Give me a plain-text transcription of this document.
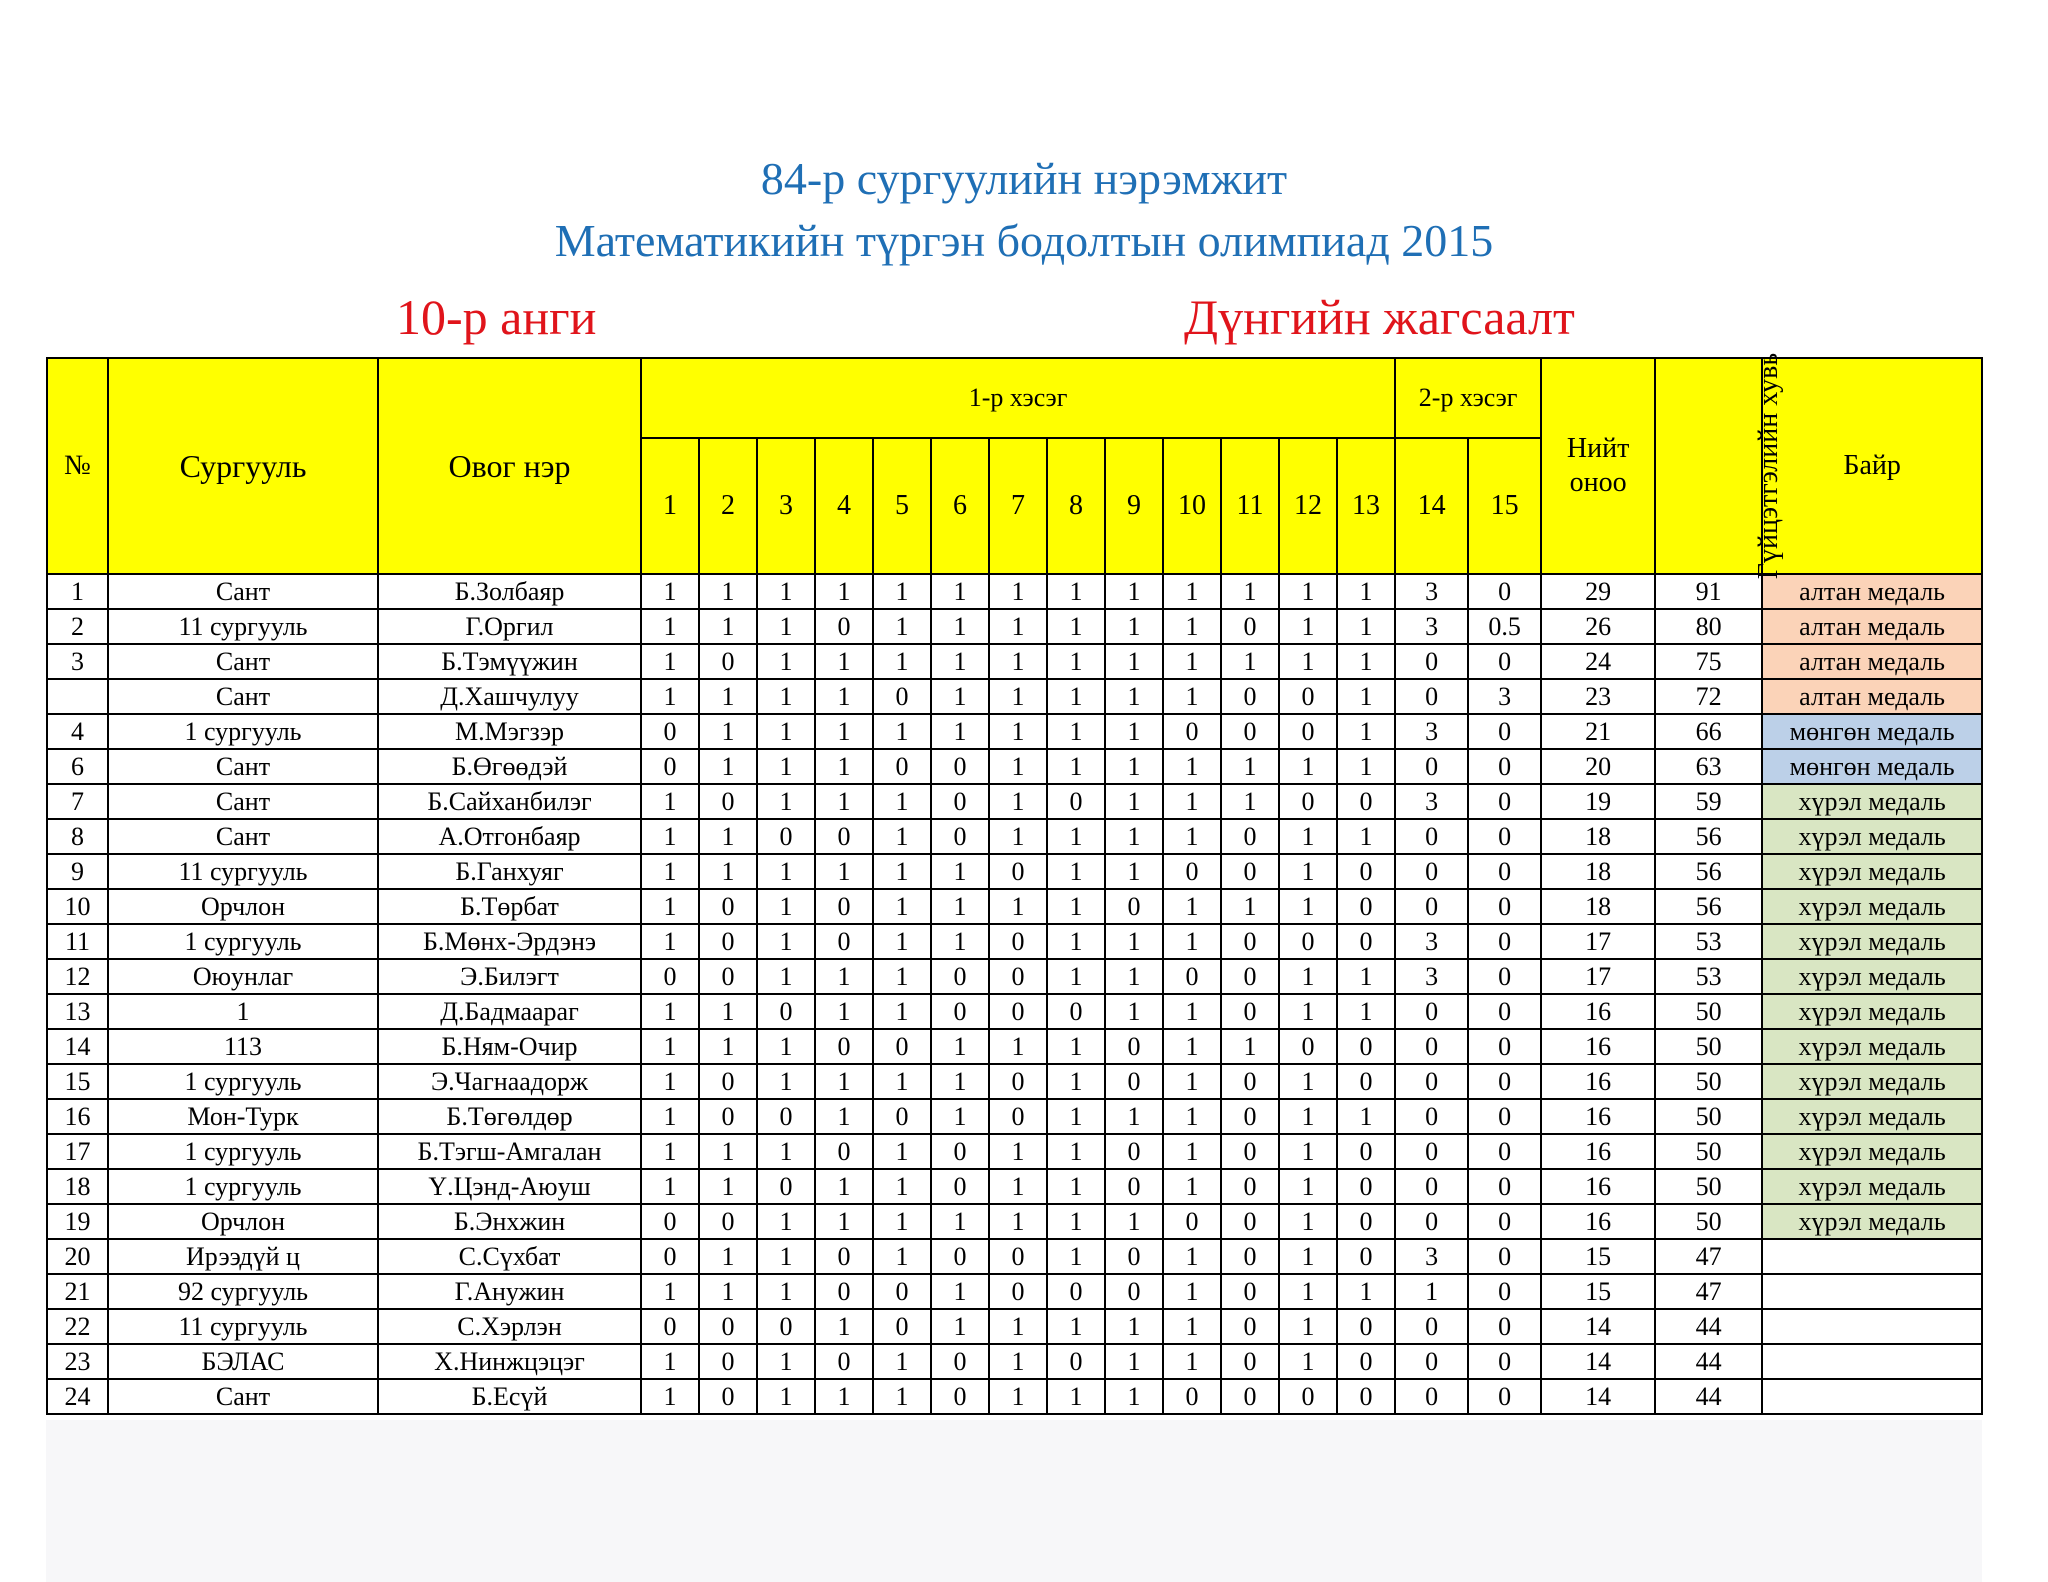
84-р сургуулийн нэрэмжит
Математикийн түргэн бодолтын олимпиад 2015
10-р анги	Дүнгийн жагсаалт
№	Сургууль	Овог нэр	1-р хэсэг													2-р хэсэг		Нийт оноо	Гүйцэтгэлийн хувь	Байр
			1	2	3	4	5	6	7	8	9	10	11	12	13	14	15			
1	Сант	Б.Золбаяр	1	1	1	1	1	1	1	1	1	1	1	1	1	3	0	29	91	алтан медаль
2	11 сургууль	Г.Оргил	1	1	1	0	1	1	1	1	1	1	0	1	1	3	0.5	26	80	алтан медаль
3	Сант	Б.Тэмүүжин	1	0	1	1	1	1	1	1	1	1	1	1	1	0	0	24	75	алтан медаль
	Сант	Д.Хашчулуу	1	1	1	1	0	1	1	1	1	1	0	0	1	0	3	23	72	алтан медаль
4	1 сургууль	М.Мэгзэр	0	1	1	1	1	1	1	1	1	0	0	0	1	3	0	21	66	мөнгөн медаль
6	Сант	Б.Өгөөдэй	0	1	1	1	0	0	1	1	1	1	1	1	1	0	0	20	63	мөнгөн медаль
7	Сант	Б.Сайханбилэг	1	0	1	1	1	0	1	0	1	1	1	0	0	3	0	19	59	хүрэл медаль
8	Сант	А.Отгонбаяр	1	1	0	0	1	0	1	1	1	1	0	1	1	0	0	18	56	хүрэл медаль
9	11 сургууль	Б.Ганхуяг	1	1	1	1	1	1	0	1	1	0	0	1	0	0	0	18	56	хүрэл медаль
10	Орчлон	Б.Төрбат	1	0	1	0	1	1	1	1	0	1	1	1	0	0	0	18	56	хүрэл медаль
11	1 сургууль	Б.Мөнх-Эрдэнэ	1	0	1	0	1	1	0	1	1	1	0	0	0	3	0	17	53	хүрэл медаль
12	Оюунлаг	Э.Билэгт	0	0	1	1	1	0	0	1	1	0	0	1	1	3	0	17	53	хүрэл медаль
13	1	Д.Бадмаараг	1	1	0	1	1	0	0	0	1	1	0	1	1	0	0	16	50	хүрэл медаль
14	113	Б.Ням-Очир	1	1	1	0	0	1	1	1	0	1	1	0	0	0	0	16	50	хүрэл медаль
15	1 сургууль	Э.Чагнаадорж	1	0	1	1	1	1	0	1	0	1	0	1	0	0	0	16	50	хүрэл медаль
16	Мон-Турк	Б.Төгөлдөр	1	0	0	1	0	1	0	1	1	1	0	1	1	0	0	16	50	хүрэл медаль
17	1 сургууль	Б.Тэгш-Амгалан	1	1	1	0	1	0	1	1	0	1	0	1	0	0	0	16	50	хүрэл медаль
18	1 сургууль	Ү.Цэнд-Аюуш	1	1	0	1	1	0	1	1	0	1	0	1	0	0	0	16	50	хүрэл медаль
19	Орчлон	Б.Энхжин	0	0	1	1	1	1	1	1	1	0	0	1	0	0	0	16	50	хүрэл медаль
20	Ирээдүй ц	С.Сүхбат	0	1	1	0	1	0	0	1	0	1	0	1	0	3	0	15	47	
21	92 сургууль	Г.Анужин	1	1	1	0	0	1	0	0	0	1	0	1	1	1	0	15	47	
22	11 сургууль	С.Хэрлэн	0	0	0	1	0	1	1	1	1	1	0	1	0	0	0	14	44	
23	БЭЛАС	Х.Нинжцэцэг	1	0	1	0	1	0	1	0	1	1	0	1	0	0	0	14	44	
24	Сант	Б.Есүй	1	0	1	1	1	0	1	1	1	0	0	0	0	0	0	14	44	
